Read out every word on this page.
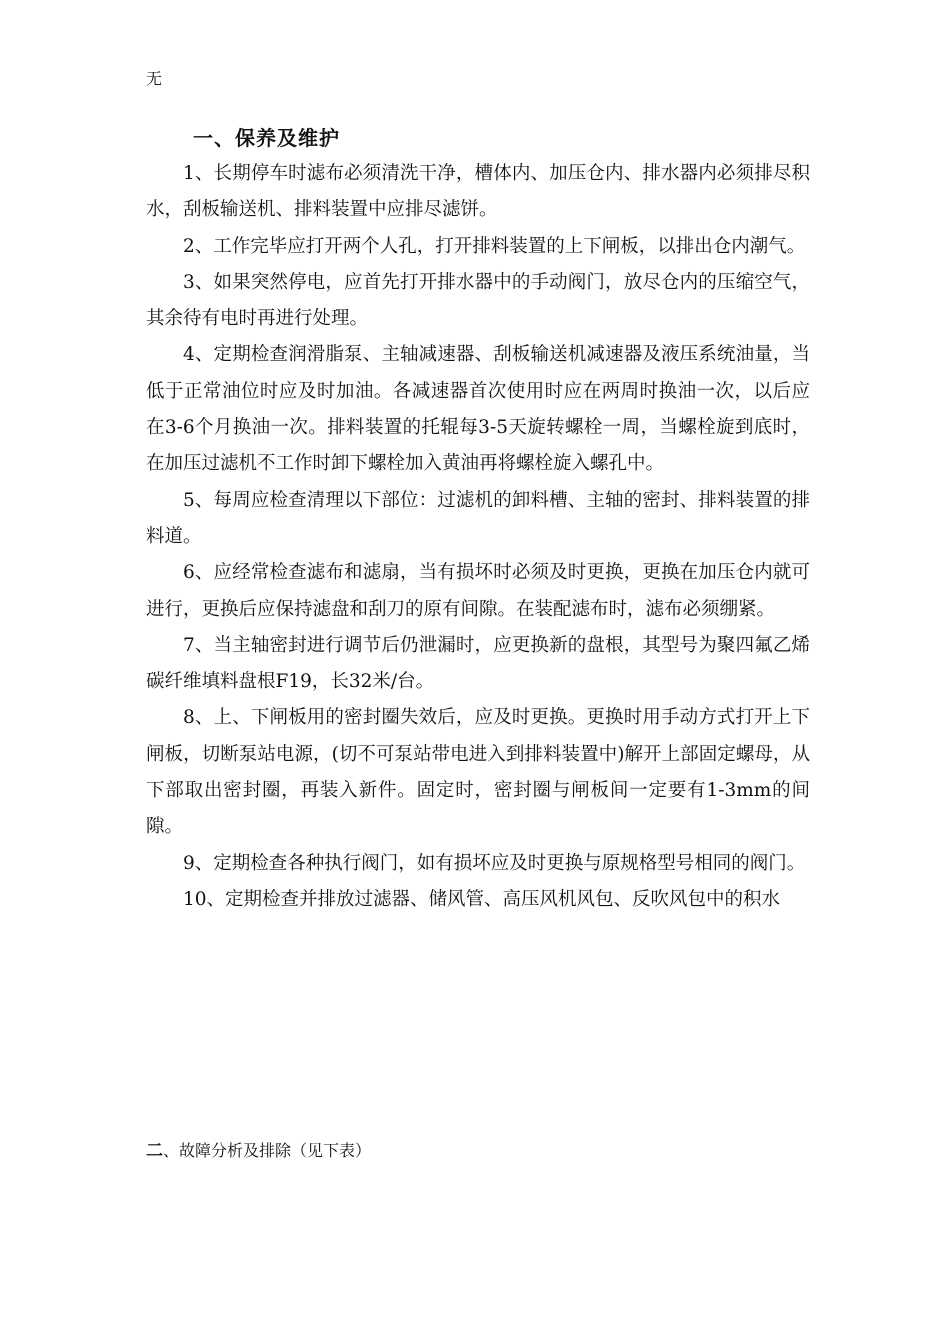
无
一、保养及维护

1、长期停车时滤布必须清洗干净，槽体内、加压仓内、排水器内必须排尽积水，刮板输送机、排料装置中应排尽滤饼。

2、工作完毕应打开两个人孔，打开排料装置的上下闸板，以排出仓内潮气。

3、如果突然停电，应首先打开排水器中的手动阀门，放尽仓内的压缩空气，其余待有电时再进行处理。

4、定期检查润滑脂泵、主轴减速器、刮板输送机减速器及液压系统油量，当低于正常油位时应及时加油。各减速器首次使用时应在两周时换油一次，以后应在3-6个月换油一次。排料装置的托辊每3-5天旋转螺栓一周，当螺栓旋到底时，在加压过滤机不工作时卸下螺栓加入黄油再将螺栓旋入螺孔中。

5、每周应检查清理以下部位：过滤机的卸料槽、主轴的密封、排料装置的排料道。

6、应经常检查滤布和滤扇，当有损坏时必须及时更换，更换在加压仓内就可进行，更换后应保持滤盘和刮刀的原有间隙。在装配滤布时，滤布必须绷紧。

7、当主轴密封进行调节后仍泄漏时，应更换新的盘根，其型号为聚四氟乙烯碳纤维填料盘根F19，长32米/台。

8、上、下闸板用的密封圈失效后，应及时更换。更换时用手动方式打开上下闸板，切断泵站电源，(切不可泵站带电进入到排料装置中)解开上部固定螺母，从下部取出密封圈，再装入新件。固定时，密封圈与闸板间一定要有1-3mm的间隙。

9、定期检查各种执行阀门，如有损坏应及时更换与原规格型号相同的阀门。

10、定期检查并排放过滤器、储风管、高压风机风包、反吹风包中的积水

二、故障分析及排除（见下表）
